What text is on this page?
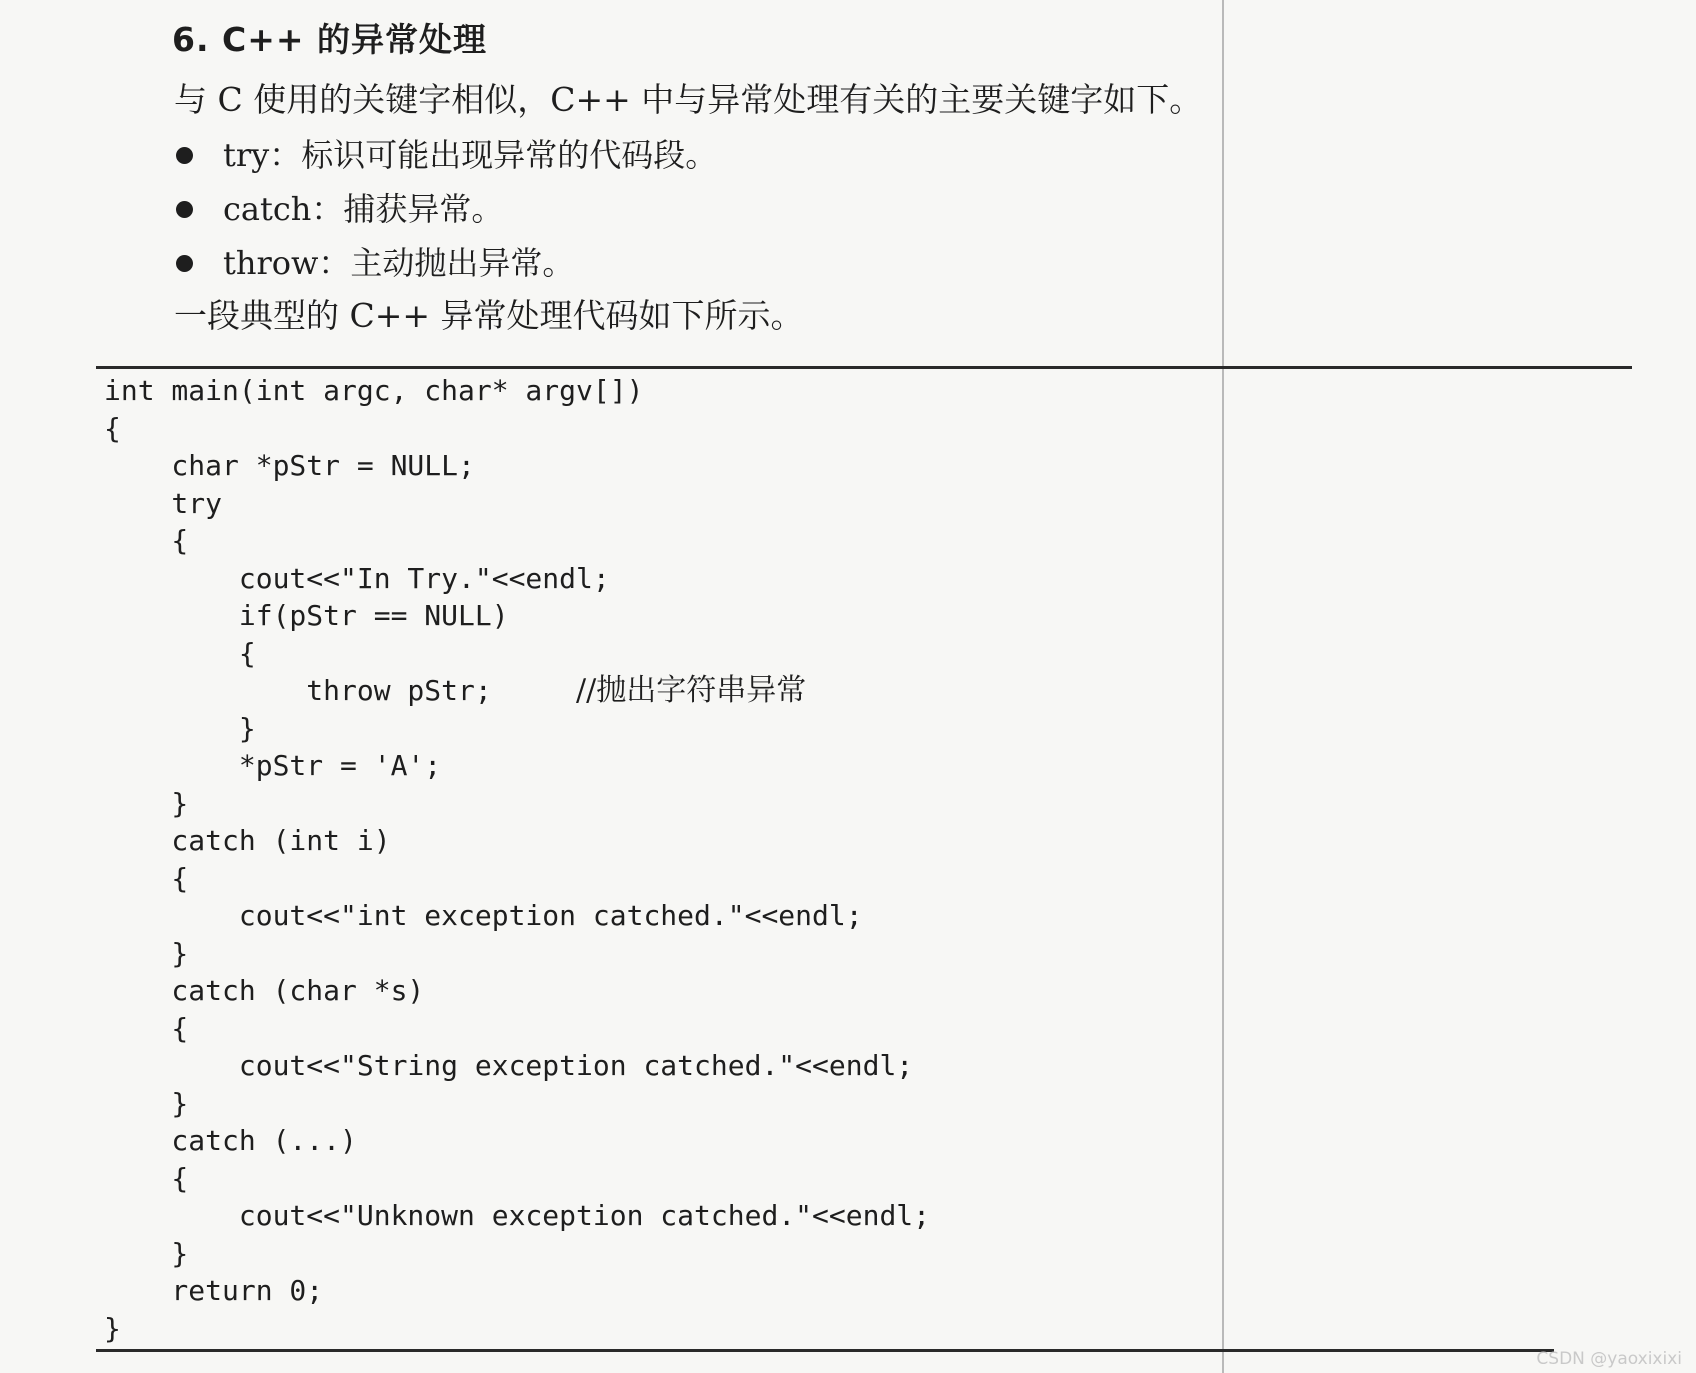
6. C++ 的异常处理
与 C 使用的关键字相似，C++ 中与异常处理有关的主要关键字如下。
try ：标识可能出现异常的代码段。
catch ：捕获异常。
throw ：主动抛出异常。
一段典型的 C++ 异常处理代码如下所示。
int main(int argc, char* argv[])
{
char *pStr = NULL;
try
{
cout<<"In Try."<<endl;
if(pStr == NULL)
{
throw pStr;     //抛出字符串异常
}
*pStr = 'A';
}
catch (int i)
{
cout<<"int exception catched."<<endl;
}
catch (char *s)
{
cout<<"String exception catched."<<endl;
}
catch (...)
{
cout<<"Unknown exception catched."<<endl;
}
return 0;
}
CSDN @yaoxixixi
